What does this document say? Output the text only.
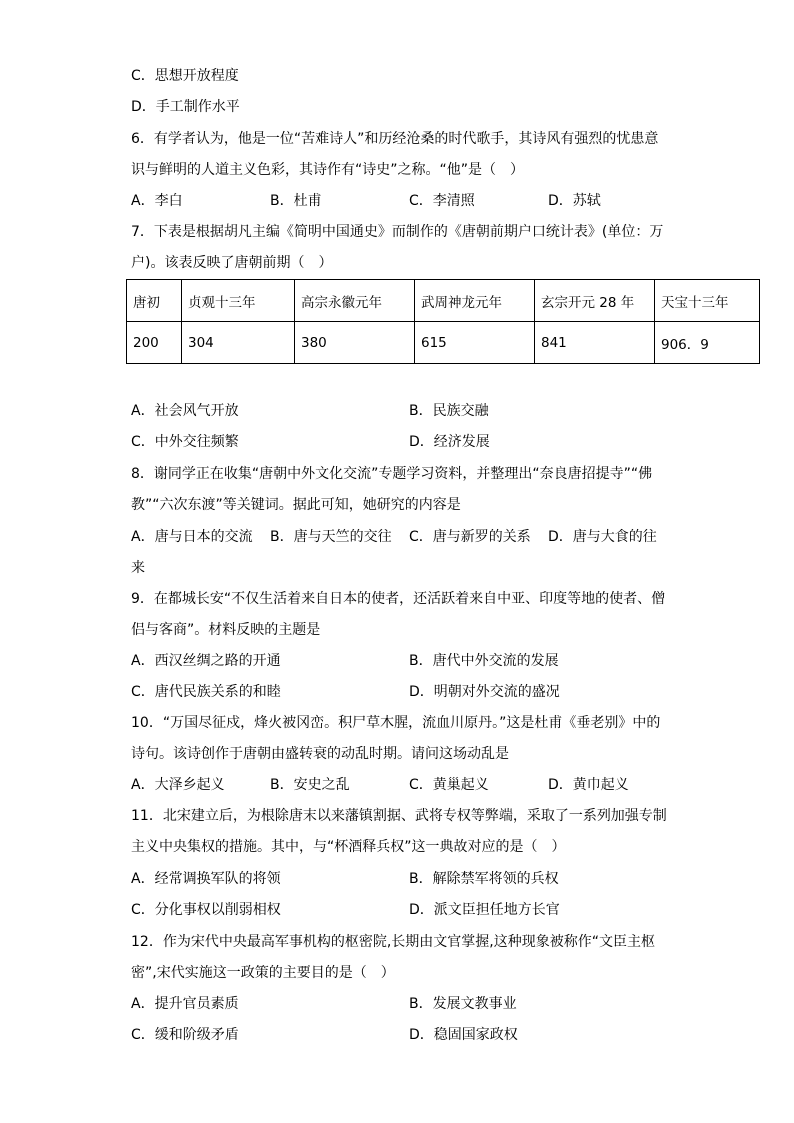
C．思想开放程度
D．手工制作水平
6．有学者认为，他是一位“苦难诗人”和历经沧桑的时代歌手，其诗风有强烈的忧患意
识与鲜明的人道主义色彩，其诗作有“诗史”之称。“他”是（　）
A．李白	B．杜甫	C．李清照	D．苏轼
7．下表是根据胡凡主编《简明中国通史》而制作的《唐朝前期户口统计表》(单位：万
户)。该表反映了唐朝前期（　）
唐初	贞观十三年	高宗永徽元年	武周神龙元年	玄宗开元 28 年	天宝十三年
200	304	380	615	841	906．9
A．社会风气开放	B．民族交融
C．中外交往频繁	D．经济发展
8．谢同学正在收集“唐朝中外文化交流”专题学习资料，并整理出“奈良唐招提寺”“佛
教”“六次东渡”等关键词。据此可知，她研究的内容是
A．唐与日本的交流 B．唐与天竺的交往 C．唐与新罗的关系 D．唐与大食的往
来
9．在都城长安“不仅生活着来自日本的使者，还活跃着来自中亚、印度等地的使者、僧
侣与客商”。材料反映的主题是
A．西汉丝绸之路的开通	B．唐代中外交流的发展
C．唐代民族关系的和睦	D．明朝对外交流的盛况
10．“万国尽征戍，烽火被冈峦。积尸草木腥，流血川原丹。”这是杜甫《垂老别》中的
诗句。该诗创作于唐朝由盛转衰的动乱时期。请问这场动乱是
A．大泽乡起义	B．安史之乱	C．黄巢起义	D．黄巾起义
11．北宋建立后，为根除唐末以来藩镇割据、武将专权等弊端，采取了一系列加强专制
主义中央集权的措施。其中，与“杯酒释兵权”这一典故对应的是（　）
A．经常调换军队的将领	B．解除禁军将领的兵权
C．分化事权以削弱相权	D．派文臣担任地方长官
12．作为宋代中央最高军事机构的枢密院,长期由文官掌握,这种现象被称作“文臣主枢
密”,宋代实施这一政策的主要目的是（　）
A．提升官员素质	B．发展文教事业
C．缓和阶级矛盾	D．稳固国家政权
